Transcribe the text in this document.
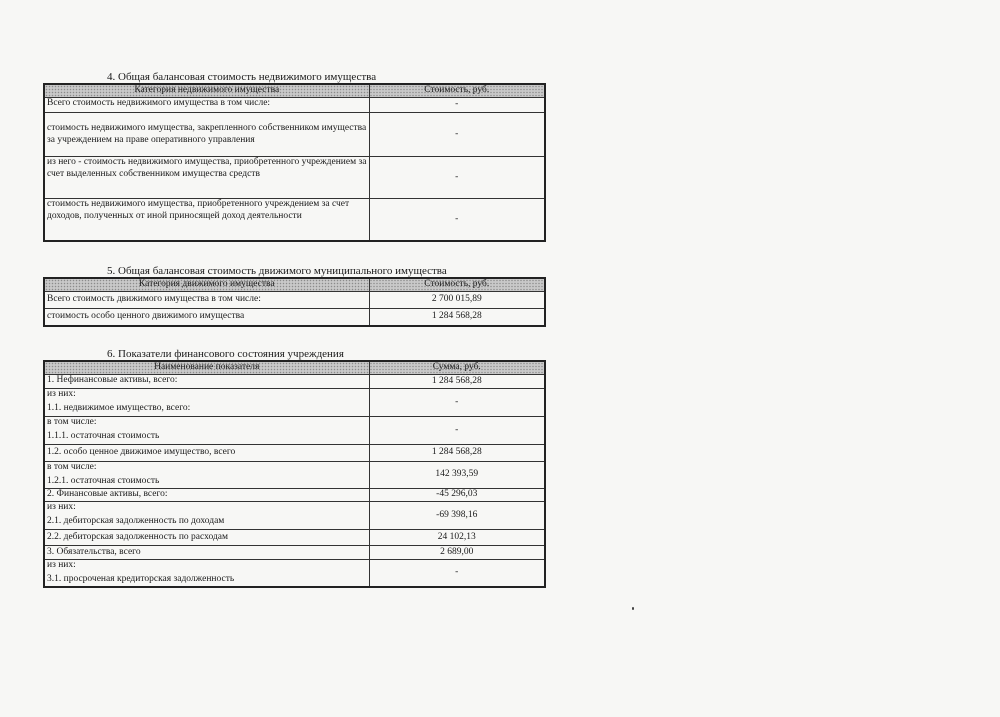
4. Общая балансовая стоимость недвижимого имущества
Категория недвижимого имущества	Стоимость, руб.
Всего стоимость недвижимого имущества в том числе:	-
стоимость недвижимого имущества, закрепленного собственником имущества за учреждением на праве оперативного управления	-
из него - стоимость недвижимого имущества, приобретенного учреждением за счет выделенных собственником имущества средств	-
стоимость недвижимого имущества, приобретенного учреждением за счет доходов, полученных от иной приносящей доход деятельности	-
5. Общая балансовая стоимость движимого муниципального имущества
Категория движимого имущества	Стоимость, руб.
Всего стоимость движимого имущества в том числе:	2 700 015,89
стоимость особо ценного движимого имущества	1 284 568,28
6. Показатели финансового состояния учреждения
Наименование показателя	Сумма, руб.

1. Нефинансовые активы, всего:	1 284 568,28

из них:
1.1. недвижимое имущество, всего:	-

в том числе:
1.1.1. остаточная стоимость	-

1.2. особо ценное движимое имущество, всего	1 284 568,28

в том числе:
1.2.1. остаточная стоимость	142 393,59

2. Финансовые активы, всего:	-45 296,03

из них:
2.1. дебиторская задолженность по доходам	-69 398,16

2.2. дебиторская задолженность по расходам	24 102,13

3. Обязательства, всего	2 689,00

из них:
3.1. просроченая кредиторская задолженность	-
